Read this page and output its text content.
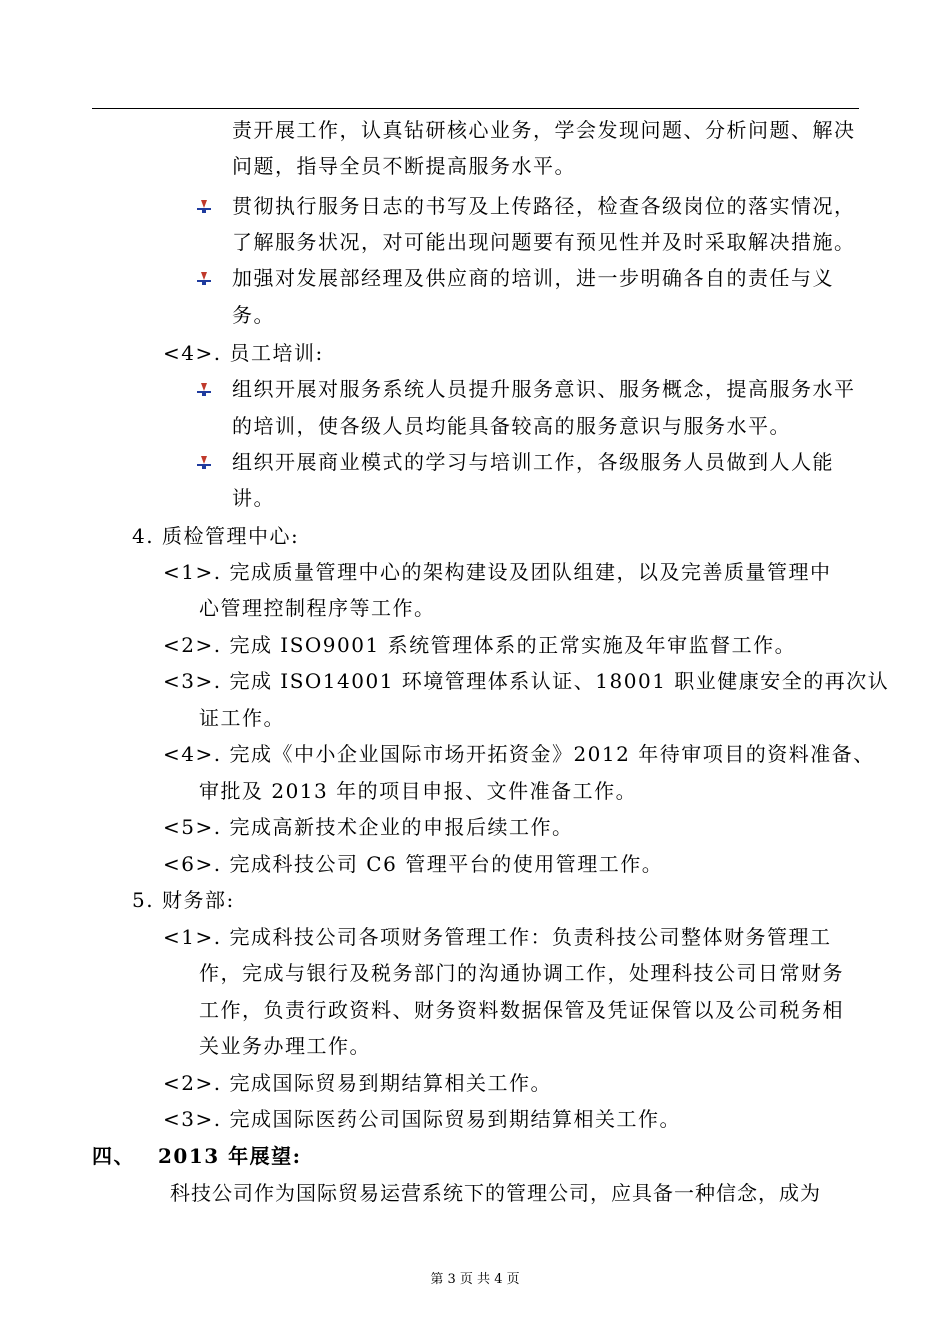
责开展工作，认真钻研核心业务，学会发现问题、分析问题、解决
问题，指导全员不断提高服务水平。
贯彻执行服务日志的书写及上传路径，检查各级岗位的落实情况，
了解服务状况，对可能出现问题要有预见性并及时采取解决措施。
加强对发展部经理及供应商的培训，进一步明确各自的责任与义
务。
<4>. 员工培训:
组织开展对服务系统人员提升服务意识、服务概念，提高服务水平
的培训，使各级人员均能具备较高的服务意识与服务水平。
组织开展商业模式的学习与培训工作，各级服务人员做到人人能
讲。
4. 质检管理中心:
<1>. 完成质量管理中心的架构建设及团队组建，以及完善质量管理中
心管理控制程序等工作。
<2>. 完成 ISO9001 系统管理体系的正常实施及年审监督工作。
<3>. 完成 ISO14001 环境管理体系认证、18001 职业健康安全的再次认
证工作。
<4>. 完成《中小企业国际市场开拓资金》2012 年待审项目的资料准备、
审批及 2013 年的项目申报、文件准备工作。
<5>. 完成高新技术企业的申报后续工作。
<6>. 完成科技公司 C6 管理平台的使用管理工作。
5. 财务部:
<1>. 完成科技公司各项财务管理工作：负责科技公司整体财务管理工
作，完成与银行及税务部门的沟通协调工作，处理科技公司日常财务
工作，负责行政资料、财务资料数据保管及凭证保管以及公司税务相
关业务办理工作。
<2>. 完成国际贸易到期结算相关工作。
<3>. 完成国际医药公司国际贸易到期结算相关工作。
四、 2013 年展望:
科技公司作为国际贸易运营系统下的管理公司，应具备一种信念，成为
第 3 页 共 4 页
